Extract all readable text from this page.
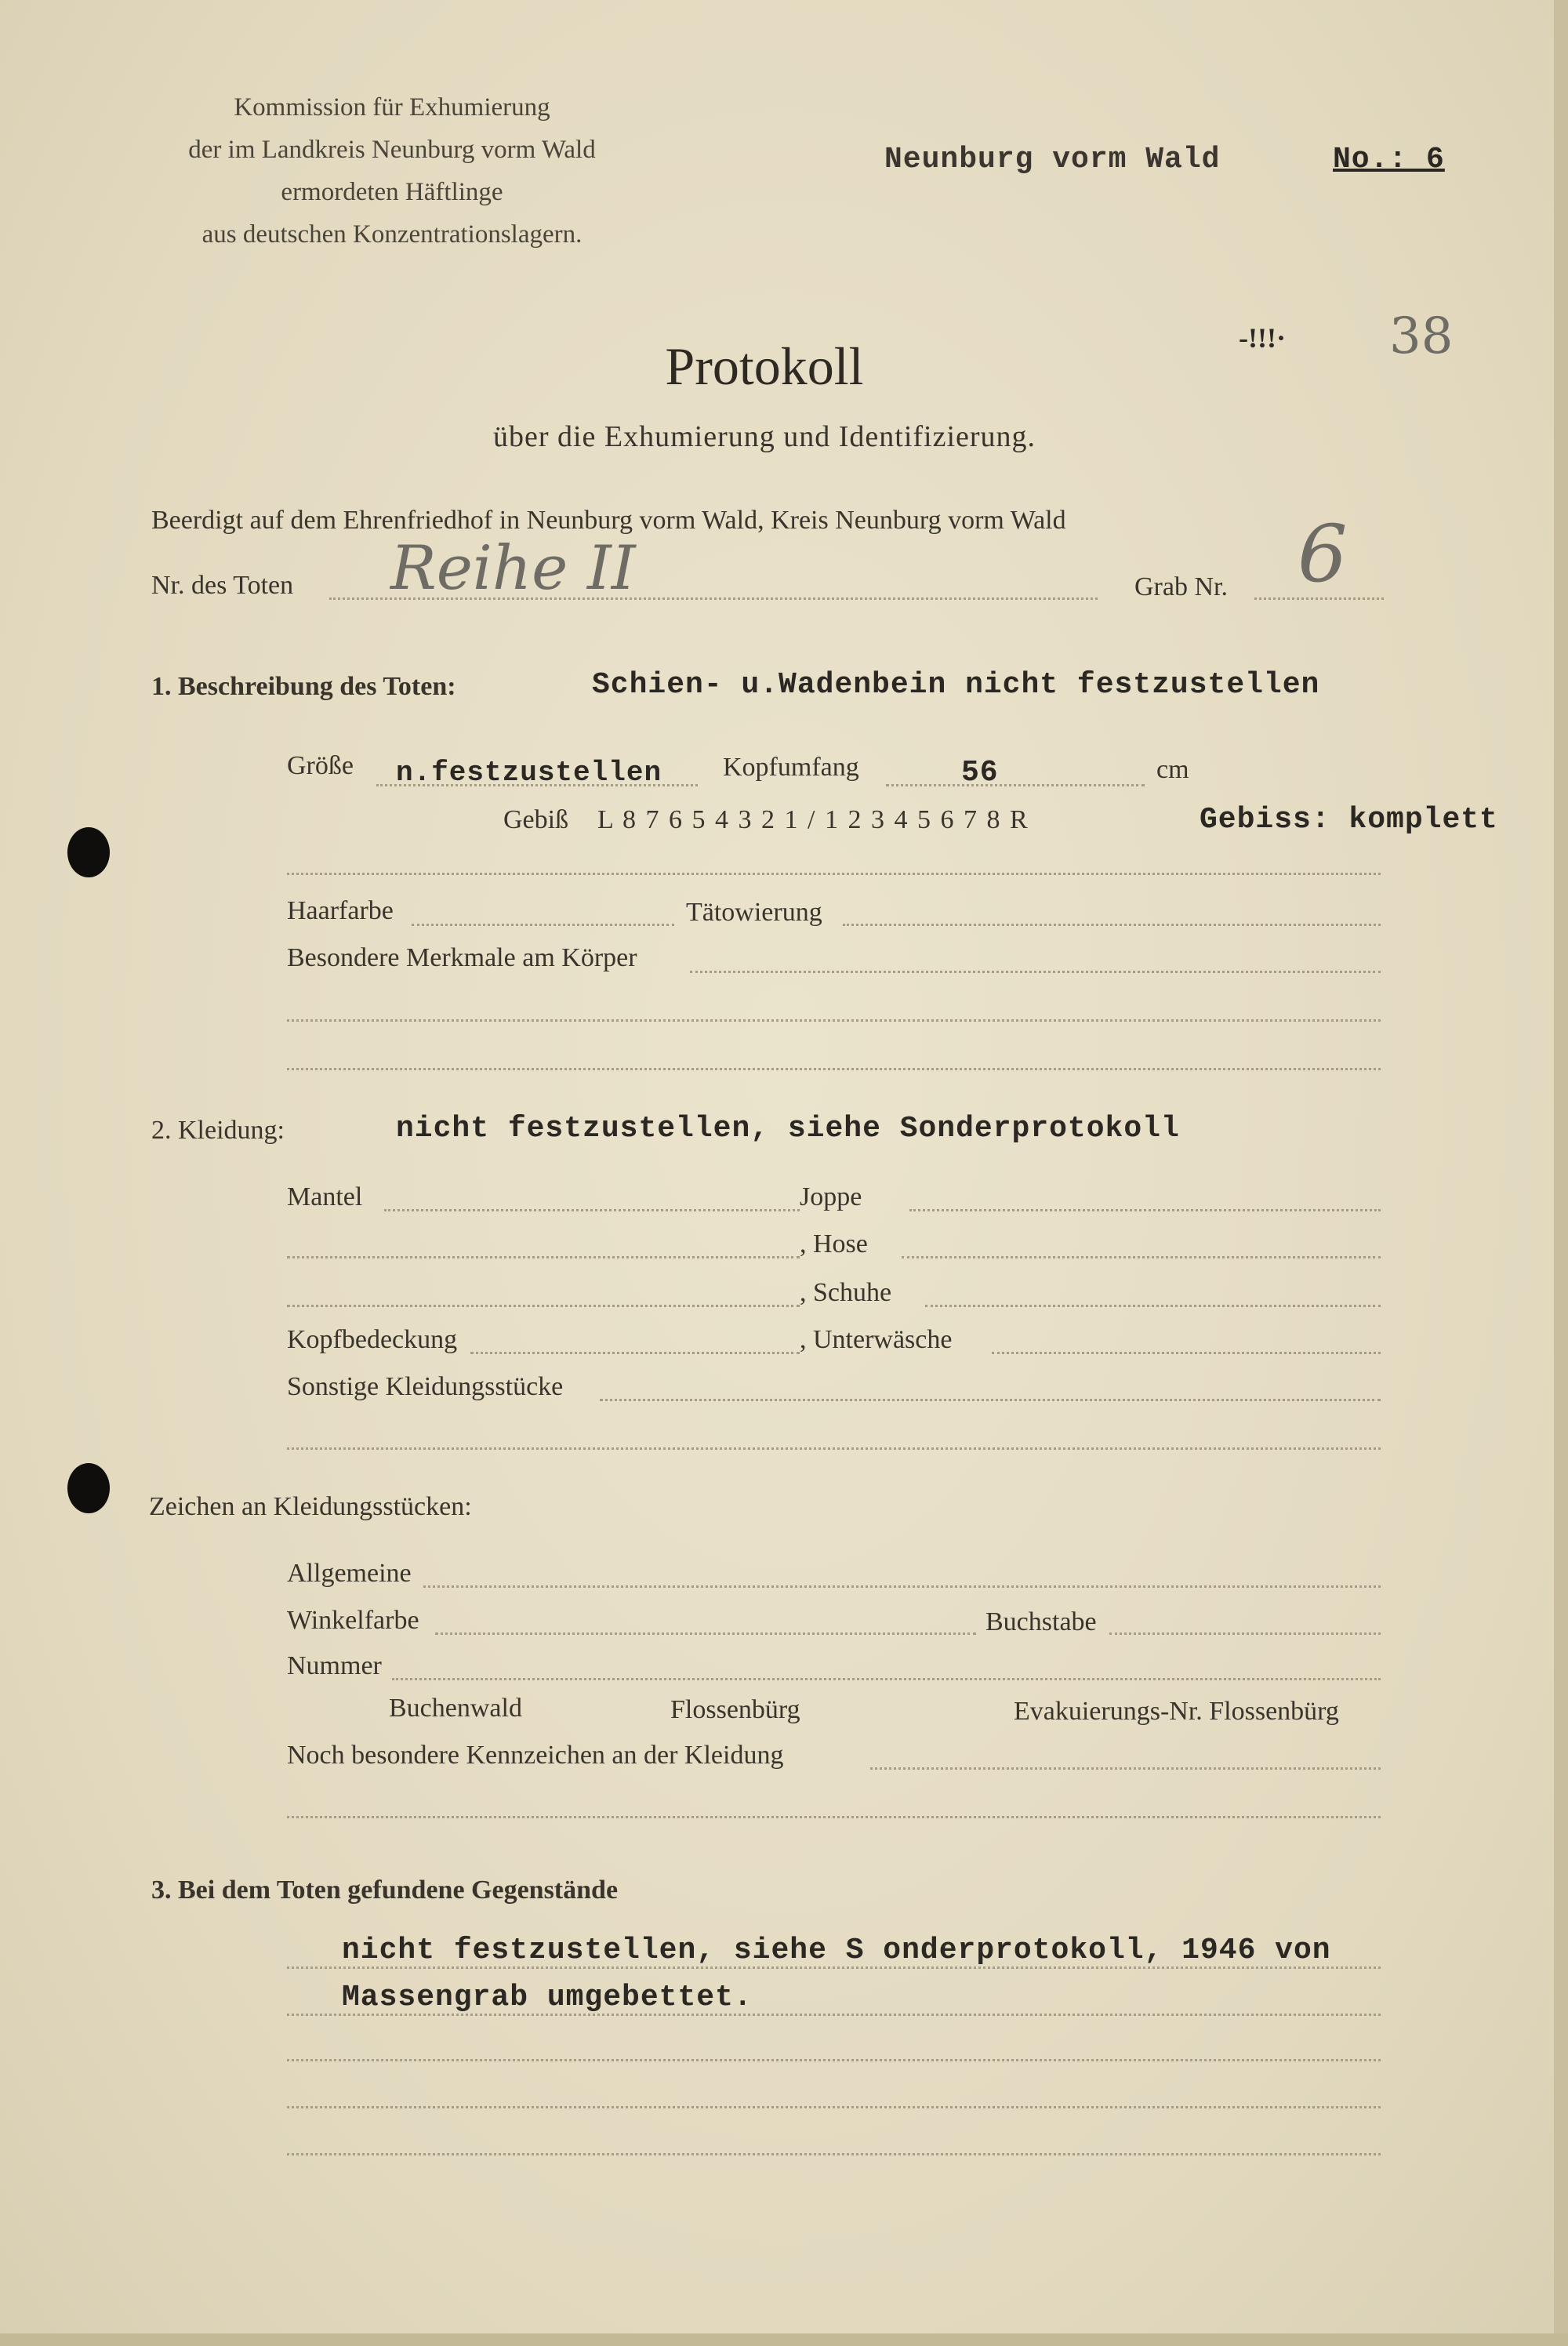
Kommission für Exhumierung
der im Landkreis Neunburg vorm Wald
ermordeten Häftlinge
aus deutschen Konzentrationslagern.
Neunburg vorm Wald	No.: 6
-!!!· 38
Protokoll
über die Exhumierung und Identifizierung.
Beerdigt auf dem Ehrenfriedhof in Neunburg vorm Wald, Kreis Neunburg vorm Wald
Nr. des Toten Reihe II	Grab Nr. 6
1. Beschreibung des Toten:	Schien- u.Wadenbein nicht festzustellen
Größe n.festzustellen Kopfumfang	56	cm
Gebiß L 8 7 6 5 4 3 2 1 / 1 2 3 4 5 6 7 8 R	Gebiss: komplett
Haarfarbe	Tätowierung
Besondere Merkmale am Körper
2. Kleidung:	nicht festzustellen, siehe Sonderprotokoll
Mantel	Joppe
, Hose
, Schuhe
Kopfbedeckung	, Unterwäsche
Sonstige Kleidungsstücke
Zeichen an Kleidungsstücken:
Allgemeine
Winkelfarbe	Buchstabe
Nummer
Buchenwald	Flossenbürg	Evakuierungs-Nr. Flossenbürg
Noch besondere Kennzeichen an der Kleidung
3. Bei dem Toten gefundene Gegenstände
nicht festzustellen, siehe S onderprotokoll, 1946 von
Massengrab umgebettet.
